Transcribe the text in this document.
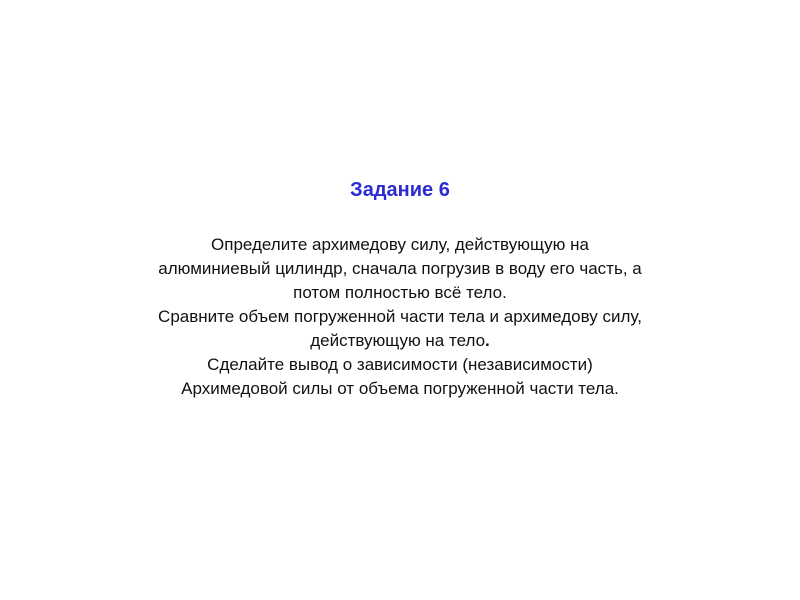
Задание 6
Определите архимедову силу, действующую на
алюминиевый цилиндр, сначала погрузив в воду его часть, а
потом полностью всё тело.
Сравните объем погруженной части тела и архимедову силу,
действующую на тело.
Сделайте вывод о зависимости (независимости)
Архимедовой силы от объема погруженной части тела.
